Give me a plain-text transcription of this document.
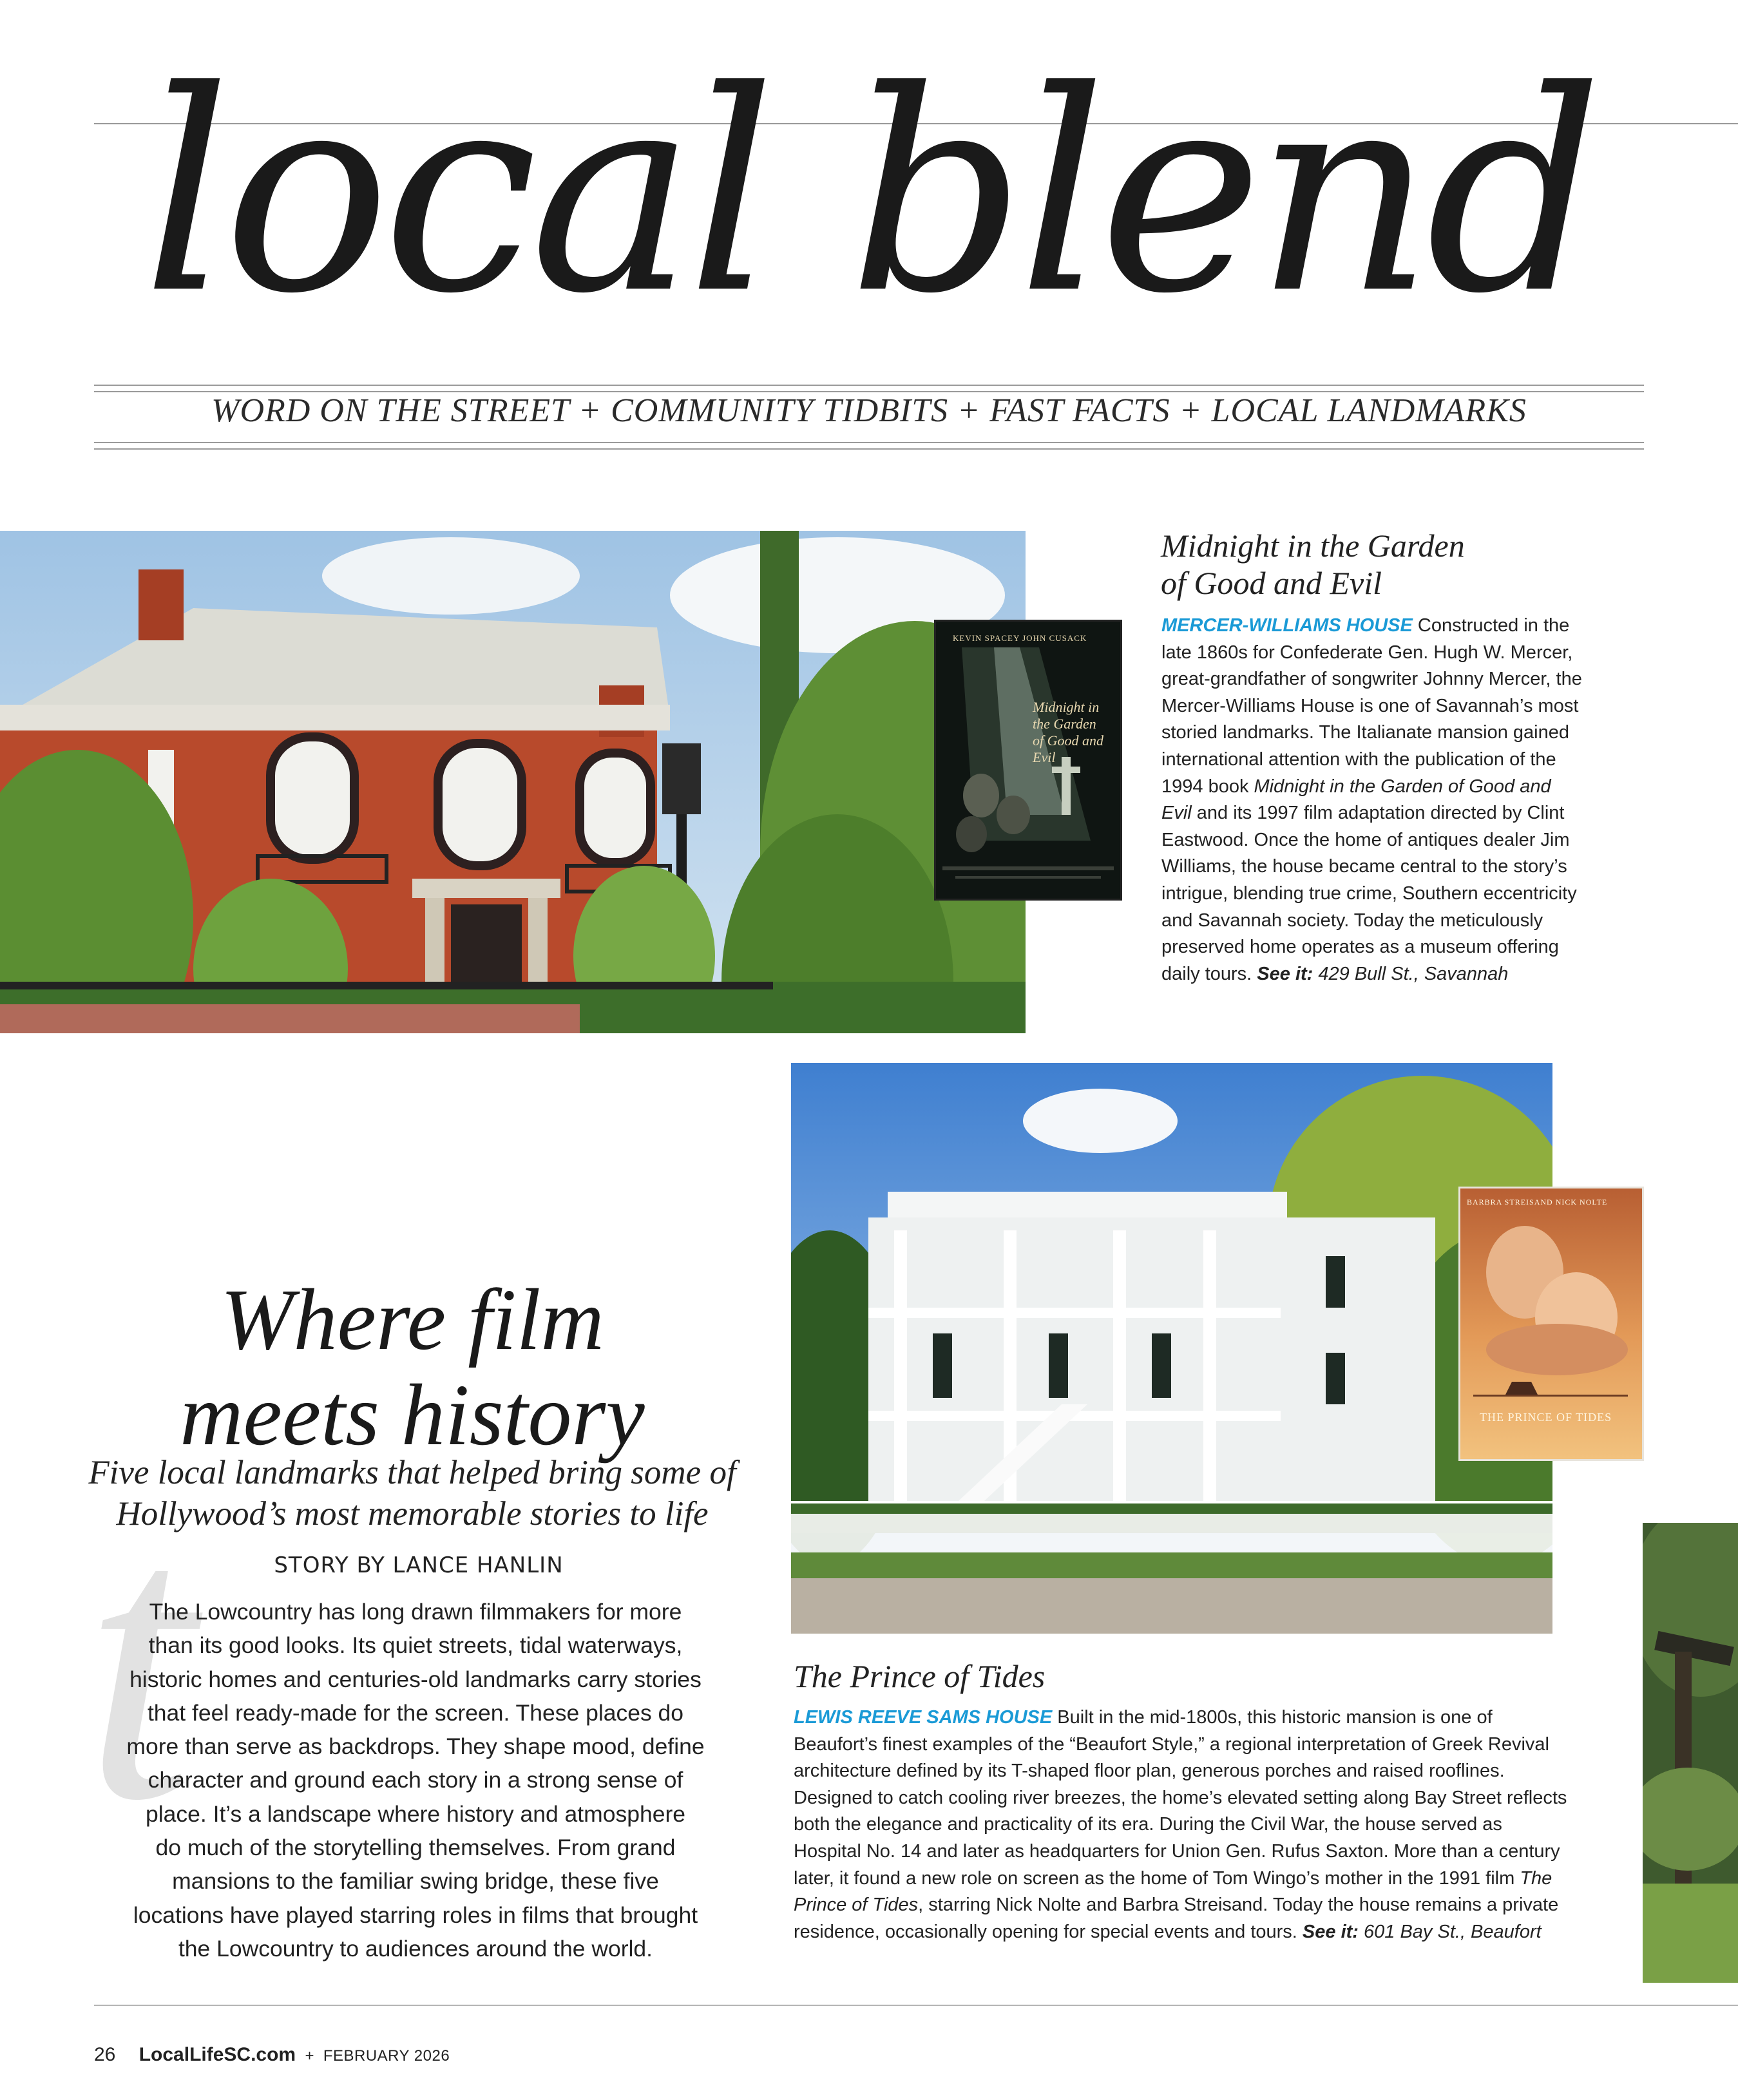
local blend
WORD ON THE STREET + COMMUNITY TIDBITS + FAST FACTS + LOCAL LANDMARKS
KEVIN SPACEY JOHN CUSACK
Midnight in the Garden of Good and Evil
Midnight in the Garden
of Good and Evil
MERCER-WILLIAMS HOUSE Constructed in the
late 1860s for Confederate Gen. Hugh W. Mercer,
great-grandfather of songwriter Johnny Mercer, the
Mercer-Williams House is one of Savannah’s most
storied landmarks. The Italianate mansion gained
international attention with the publication of the
1994 book Midnight in the Garden of Good and
Evil and its 1997 film adaptation directed by Clint
Eastwood. Once the home of antiques dealer Jim
Williams, the house became central to the story’s
intrigue, blending true crime, Southern eccentricity
and Savannah society. Today the meticulously
preserved home operates as a museum offering
daily tours. See it: 429 Bull St., Savannah
BARBRA STREISAND NICK NOLTE
THE PRINCE OF TIDES
Where film
meets history
Five local landmarks that helped bring some of
Hollywood’s most memorable stories to life
t	STORY BY LANCE HANLIN
The Lowcountry has long drawn filmmakers for more
than its good looks. Its quiet streets, tidal waterways,
historic homes and centuries-old landmarks carry stories
that feel ready-made for the screen. These places do
more than serve as backdrops. They shape mood, define
character and ground each story in a strong sense of
place. It’s a landscape where history and atmosphere
do much of the storytelling themselves. From grand
mansions to the familiar swing bridge, these five
locations have played starring roles in films that brought
the Lowcountry to audiences around the world.
The Prince of Tides
LEWIS REEVE SAMS HOUSE Built in the mid-1800s, this historic mansion is one of
Beaufort’s finest examples of the “Beaufort Style,” a regional interpretation of Greek Revival
architecture defined by its T-shaped floor plan, generous porches and raised rooflines.
Designed to catch cooling river breezes, the home’s elevated setting along Bay Street reflects
both the elegance and practicality of its era. During the Civil War, the house served as
Hospital No. 14 and later as headquarters for Union Gen. Rufus Saxton. More than a century
later, it found a new role on screen as the home of Tom Wingo’s mother in the 1991 film The
Prince of Tides, starring Nick Nolte and Barbra Streisand. Today the house remains a private
residence, occasionally opening for special events and tours. See it: 601 Bay St., Beaufort
26 LocalLifeSC.com + FEBRUARY 2026
